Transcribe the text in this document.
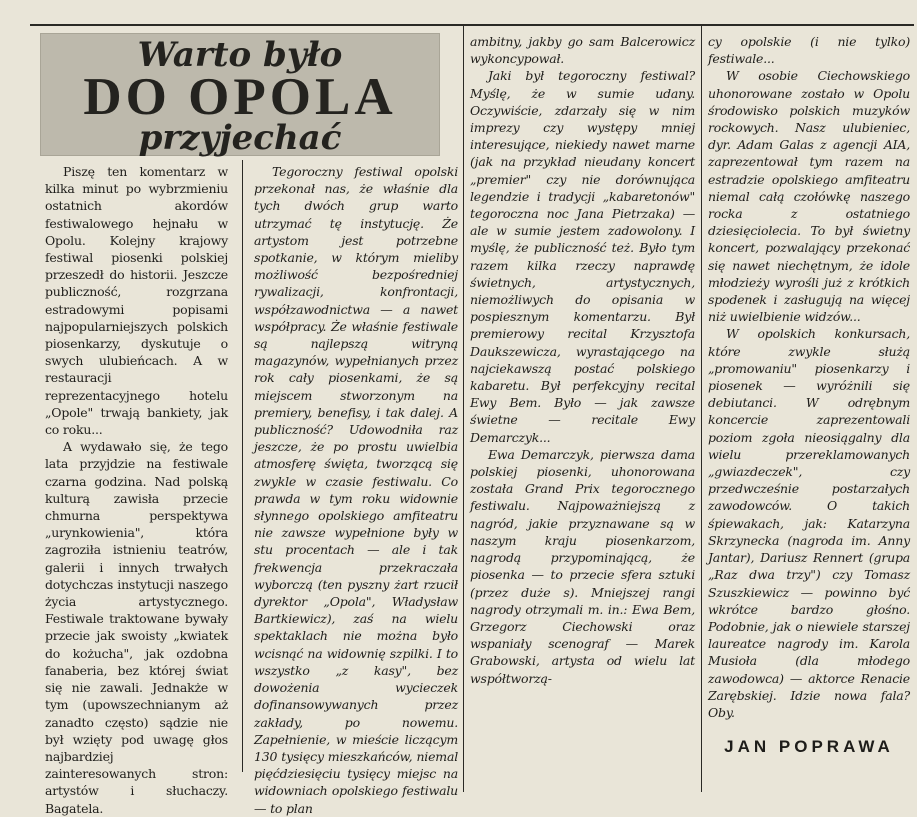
Warto było
DO OPOLA
przyjechać

Piszę ten komentarz w kilka minut po wybrzmieniu ostatnich akordów festiwalowego hejnału w Opolu. Kolejny krajowy festiwal piosenki polskiej przeszedł do historii. Jeszcze publiczność, rozgrzana estradowymi popisami najpopularniejszych polskich piosenkarzy, dyskutuje o swych ulubieńcach. A w restauracji reprezentacyjnego hotelu „Opole" trwają bankiety, jak co roku...

A wydawało się, że tego lata przyjdzie na festiwale czarna godzina. Nad polską kulturą zawisła przecie chmurna perspektywa „urynkowienia", która zagroziła istnieniu teatrów, galerii i innych trwałych dotychczas instytucji naszego życia artystycznego. Festiwale traktowane bywały przecie jak swoisty „kwiatek do kożucha", jak ozdobna fanaberia, bez której świat się nie zawali. Jednakże w tym (upowszechnianym aż zanadto często) sądzie nie był wzięty pod uwagę głos najbardziej zainteresowanych stron: artystów i słuchaczy. Bagatela.

Tegoroczny festiwal opolski przekonał nas, że właśnie dla tych dwóch grup warto utrzymać tę instytucję. Że artystom jest potrzebne spotkanie, w którym mieliby możliwość bezpośredniej rywalizacji, konfrontacji, współzawodnictwa — a nawet współpracy. Że właśnie festiwale są najlepszą witryną magazynów, wypełnianych przez rok cały piosenkami, że są miejscem stworzonym na premiery, benefisy, i tak dalej. A publiczność? Udowodniła raz jeszcze, że po prostu uwielbia atmosferę święta, tworzącą się zwykle w czasie festiwalu. Co prawda w tym roku widownie słynnego opolskiego amfiteatru nie zawsze wypełnione były w stu procentach — ale i tak frekwencja przekraczała wyborczą (ten pyszny żart rzucił dyrektor „Opola", Władysław Bartkiewicz), zaś na wielu spektaklach nie można było wcisnąć na widownię szpilki. I to wszystko „z kasy", bez dowożenia wycieczek dofinansowywanych przez zakłady, po nowemu. Zapełnienie, w mieście liczącym 130 tysięcy mieszkańców, niemal pięćdziesięciu tysięcy miejsc na widowniach opolskiego festiwalu — to plan

ambitny, jakby go sam Balcerowicz wykoncypował.

Jaki był tegoroczny festiwal? Myślę, że w sumie udany. Oczywiście, zdarzały się w nim imprezy czy występy mniej interesujące, niekiedy nawet marne (jak na przykład nieudany koncert „premier" czy nie dorównująca legendzie i tradycji „kabaretonów" tegoroczna noc Jana Pietrzaka) — ale w sumie jestem zadowolony. I myślę, że publiczność też. Było tym razem kilka rzeczy naprawdę świetnych, artystycznych, niemożliwych do opisania w pospiesznym komentarzu. Był premierowy recital Krzysztofa Daukszewicza, wyrastającego na najciekawszą postać polskiego kabaretu. Był perfekcyjny recital Ewy Bem. Było — jak zawsze świetne — recitale Ewy Demarczyk...

Ewa Demarczyk, pierwsza dama polskiej piosenki, uhonorowana została Grand Prix tegorocznego festiwalu. Najpoważniejszą z nagród, jakie przyznawane są w naszym kraju piosenkarzom, nagrodą przypominającą, że piosenka — to przecie sfera sztuki (przez duże s). Mniejszej rangi nagrody otrzymali m. in.: Ewa Bem, Grzegorz Ciechowski oraz wspaniały scenograf — Marek Grabowski, artysta od wielu lat współtworzą-

cy opolskie (i nie tylko) festiwale...

W osobie Ciechowskiego uhonorowane zostało w Opolu środowisko polskich muzyków rockowych. Nasz ulubieniec, dyr. Adam Galas z agencji AIA, zaprezentował tym razem na estradzie opolskiego amfiteatru niemal całą czołówkę naszego rocka z ostatniego dziesięciolecia. To był świetny koncert, pozwalający przekonać się nawet niechętnym, że idole młodzieży wyrośli już z krótkich spodenek i zasługują na więcej niż uwielbienie widzów...

W opolskich konkursach, które zwykle służą „promowaniu" piosenkarzy i piosenek — wyróżnili się debiutanci. W odrębnym koncercie zaprezentowali poziom zgoła nieosiągalny dla wielu przereklamowanych „gwiazdeczek", czy przedwcześnie postarzałych zawodowców. O takich śpiewakach, jak: Katarzyna Skrzynecka (nagroda im. Anny Jantar), Dariusz Rennert (grupa „Raz dwa trzy") czy Tomasz Szuszkiewicz — powinno być wkrótce bardzo głośno. Podobnie, jak o niewiele starszej laureatce nagrody im. Karola Musioła (dla młodego zawodowca) — aktorce Renacie Zarębskiej. Idzie nowa fala? Oby.

JAN POPRAWA
